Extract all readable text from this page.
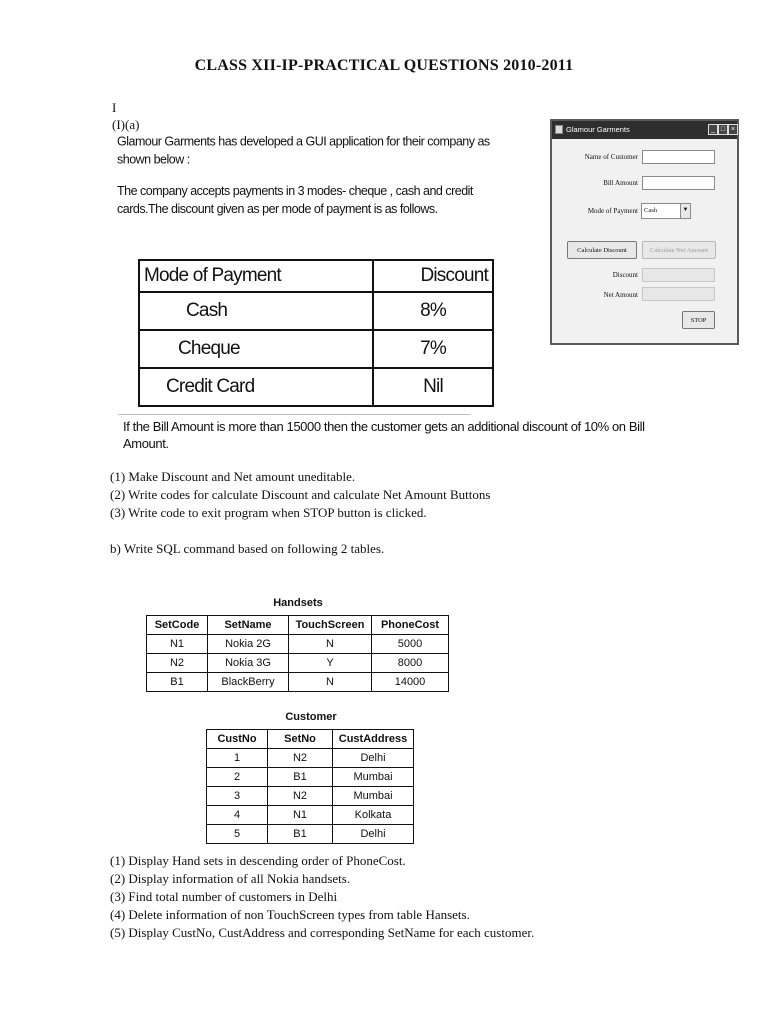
CLASS XII-IP-PRACTICAL QUESTIONS 2010-2011
I
(I)(a)

Glamour Garments has developed a GUI application for their company as shown below :

The company accepts payments in 3 modes- cheque , cash and credit cards.The discount given as per mode of payment is as follows.

Mode of Payment	Discount
Cash	8%
Cheque	7%
Credit Card	Nil
If the Bill Amount is more than 15000 then the customer gets an additional discount of 10% on Bill Amount.
Glamour Garments	_ □ ×
Name of Customer
Bill Amount
Mode of Payment Cash	▼
Calculate Discount	Calculate Net Amount
Discount
Net Amount
STOP
(1) Make Discount and Net amount uneditable.
(2) Write codes for calculate Discount and calculate Net Amount Buttons
(3) Write code to exit program when STOP button is clicked.
b) Write SQL command based on following 2 tables.
Handsets
SetCode	SetName	TouchScreen	PhoneCost
N1	Nokia 2G	N	5000
N2	Nokia 3G	Y	8000
B1	BlackBerry	N	14000
Customer
CustNo	SetNo	CustAddress
1	N2	Delhi
2	B1	Mumbai
3	N2	Mumbai
4	N1	Kolkata
5	B1	Delhi
(1) Display Hand sets in descending order of PhoneCost.
(2) Display information of all Nokia handsets.
(3) Find total number of customers in Delhi
(4) Delete information of non TouchScreen types from table Hansets.
(5) Display CustNo, CustAddress and corresponding SetName for each customer.
